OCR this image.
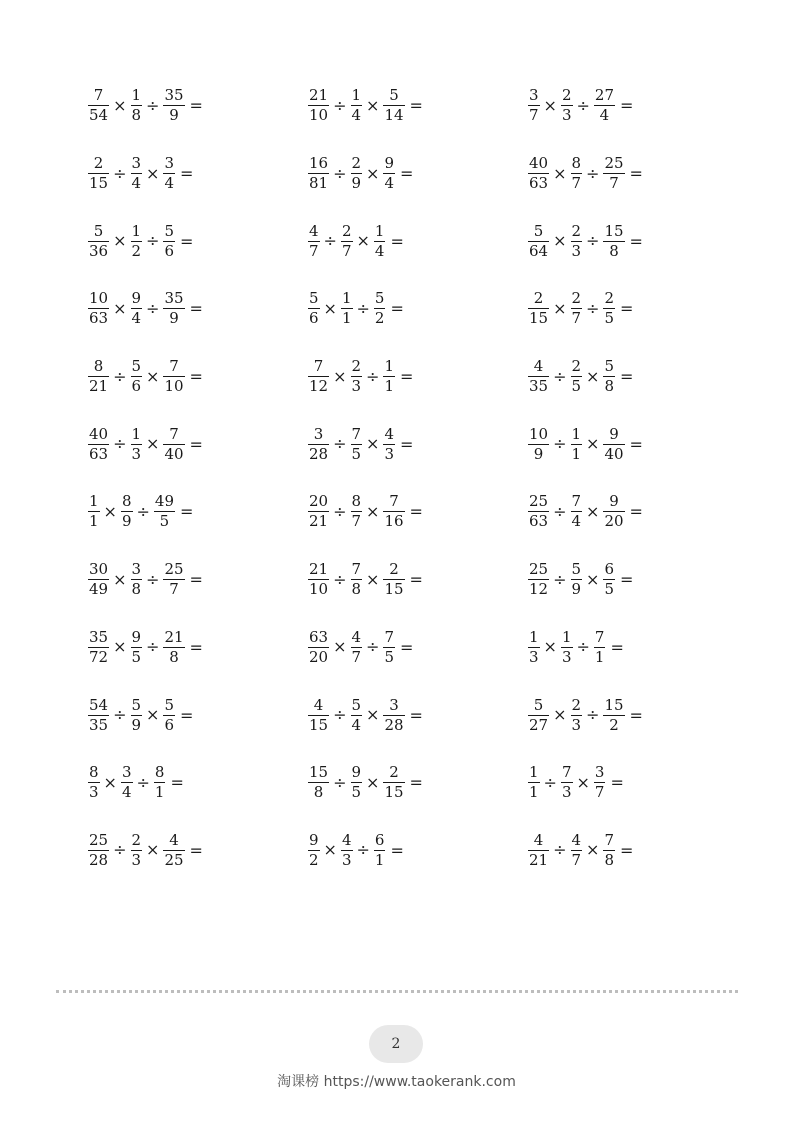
$\frac{7}{54} \times \frac{1}{8} \div \frac{35}{9}$ =	$\frac{21}{10} \div \frac{1}{4} \times \frac{5}{14}$ =	$\frac{3}{7} \times \frac{2}{3} \div \frac{27}{4}$ =
$\frac{2}{15} \div \frac{3}{4} \times \frac{3}{4}$ =	$\frac{16}{81} \div \frac{2}{9} \times \frac{9}{4}$ =	$\frac{40}{63} \times \frac{8}{7} \div \frac{25}{7}$ =
$\frac{5}{36} \times \frac{1}{2} \div \frac{5}{6}$ =	$\frac{4}{7} \div \frac{2}{7} \times \frac{1}{4}$ =	$\frac{5}{64} \times \frac{2}{3} \div \frac{15}{8}$ =
$\frac{10}{63} \times \frac{9}{4} \div \frac{35}{9}$ =	$\frac{5}{6} \times \frac{1}{1} \div \frac{5}{2}$ =	$\frac{2}{15} \times \frac{2}{7} \div \frac{2}{5}$ =
$\frac{8}{21} \div \frac{5}{6} \times \frac{7}{10}$ =	$\frac{7}{12} \times \frac{2}{3} \div \frac{1}{1}$ =	$\frac{4}{35} \div \frac{2}{5} \times \frac{5}{8}$ =
$\frac{40}{63} \div \frac{1}{3} \times \frac{7}{40}$ =	$\frac{3}{28} \div \frac{7}{5} \times \frac{4}{3}$ =	$\frac{10}{9} \div \frac{1}{1} \times \frac{9}{40}$ =
$\frac{1}{1} \times \frac{8}{9} \div \frac{49}{5}$ =	$\frac{20}{21} \div \frac{8}{7} \times \frac{7}{16}$ =	$\frac{25}{63} \div \frac{7}{4} \times \frac{9}{20}$ =
$\frac{30}{49} \times \frac{3}{8} \div \frac{25}{7}$ =	$\frac{21}{10} \div \frac{7}{8} \times \frac{2}{15}$ =	$\frac{25}{12} \div \frac{5}{9} \times \frac{6}{5}$ =
$\frac{35}{72} \times \frac{9}{5} \div \frac{21}{8}$ =	$\frac{63}{20} \times \frac{4}{7} \div \frac{7}{5}$ =	$\frac{1}{3} \times \frac{1}{3} \div \frac{7}{1}$ =
$\frac{54}{35} \div \frac{5}{9} \times \frac{5}{6}$ =	$\frac{4}{15} \div \frac{5}{4} \times \frac{3}{28}$ =	$\frac{5}{27} \times \frac{2}{3} \div \frac{15}{2}$ =
$\frac{8}{3} \times \frac{3}{4} \div \frac{8}{1}$ =	$\frac{15}{8} \div \frac{9}{5} \times \frac{2}{15}$ =	$\frac{1}{1} \div \frac{7}{3} \times \frac{3}{7}$ =
$\frac{25}{28} \div \frac{2}{3} \times \frac{4}{25}$ =	$\frac{9}{2} \times \frac{4}{3} \div \frac{6}{1}$ =	$\frac{4}{21} \div \frac{4}{7} \times \frac{7}{8}$ =
2
淘课榜 https://www.taokerank.com
